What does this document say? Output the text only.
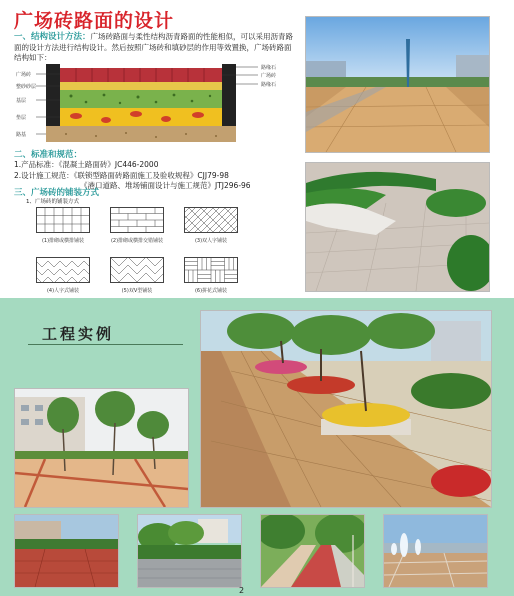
广场砖路面的设计
一、结构设计方法：广场砖路面与柔性结构沥青路面的性能相似，可以采用沥青路面的设计方法进行结构设计。然后按照广场砖和填砂层的作用等效置换，广场砖路面结构如下：
广场砖
整砂砂层
基层
垫层
路基
路缘石
广场砖
路缘石
二、标准和规范：
1.产品标准：《混凝土路面砖》JC446-2000
2.设计施工规范：《联锁型路面砖路面施工及验收规程》CJJ79-98
《港口道路、堆场铺面设计与施工规范》JTJ296-96
三、广场砖的铺装方式
1、广场砖的铺装方式
(1)排砌或横排铺装	(2)排砌或横排交错铺装	(3)双人字铺装
(4)人字式铺装	(5)双V型铺装	(6)拼花式铺装
工程实例
2
